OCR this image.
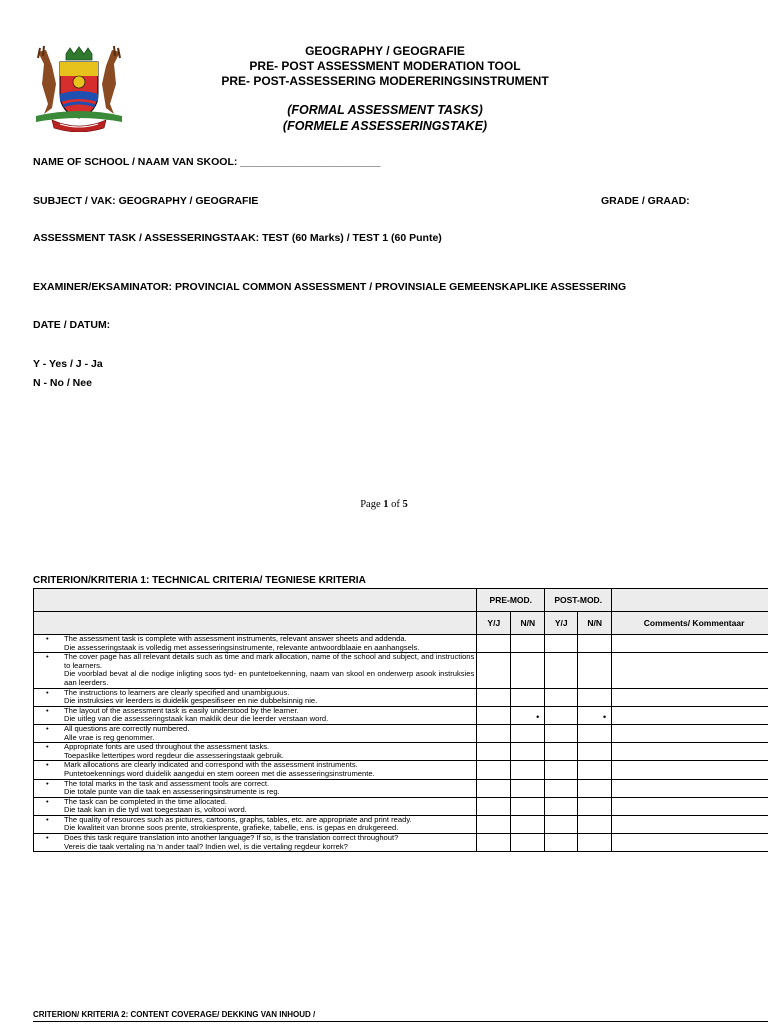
GEOGRAPHY / GEOGRAFIE
PRE- POST ASSESSMENT MODERATION TOOL
PRE- POST-ASSESSERING MODERERINGSINSTRUMENT
(FORMAL ASSESSMENT TASKS)
(FORMELE ASSESSERINGSTAKE)
NAME OF SCHOOL / NAAM VAN SKOOL: ________________________
SUBJECT / VAK: GEOGRAPHY / GEOGRAFIE	GRADE / GRAAD:
ASSESSMENT TASK / ASSESSERINGSTAAK: TEST (60 Marks) / TEST 1 (60 Punte)
EXAMINER/EKSAMINATOR: PROVINCIAL COMMON ASSESSMENT / PROVINSIALE GEMEENSKAPLIKE ASSESSERING
DATE / DATUM:
Y - Yes / J - Ja
N - No / Nee
Page 1 of 5
CRITERION/KRITERIA 1: TECHNICAL CRITERIA/ TEGNIESE KRITERIA
	PRE-MOD.		POST-MOD.		
	Y/J	N/N	Y/J	N/N	Comments/ Kommentaar

• The assessment task is complete with assessment instruments, relevant answer sheets and addenda.
Die assesseringstaak is volledig met assesseringsinstrumente, relevante antwoordblaaie en aanhangsels.					

• The cover page has all relevant details such as time and mark allocation, name of the school and subject, and instructions to learners.
Die voorblad bevat al die nodige inligting soos tyd- en puntetoekenning, naam van skool en onderwerp asook instruksies aan leerders.					

• The instructions to learners are clearly specified and unambiguous.
Die instruksies vir leerders is duidelik gespesifiseer en nie dubbelsinnig nie.					

• The layout of the assessment task is easily understood by the learner.
Die uitleg van die assesseringstaak kan maklik deur die leerder verstaan word.		•		•	

• All questions are correctly numbered.
Alle vrae is reg genommer.					

• Appropriate fonts are used throughout the assessment tasks.
Toepaslike lettertipes word regdeur die assesseringstaak gebruik.					

• Mark allocations are clearly indicated and correspond with the assessment instruments.
Puntetoekennings word duidelik aangedui en stem ooreen met die assesseringsinstrumente.					

• The total marks in the task and assessment tools are correct.
Die totale punte van die taak en assesseringsinstrumente is reg.					

• The task can be completed in the time allocated.
Die taak kan in die tyd wat toegestaan is, voltooi word.					

• The quality of resources such as pictures, cartoons, graphs, tables, etc. are appropriate and print ready.
Die kwaliteit van bronne soos prente, strokiesprente, grafieke, tabelle, ens. is gepas en drukgereed.					

• Does this task require translation into another language? If so, is the translation correct throughout?
Vereis die taak vertaling na 'n ander taal? Indien wel, is die vertaling regdeur korrek?					

CRITERION/ KRITERIA 2: CONTENT COVERAGE/ DEKKING VAN INHOUD /
